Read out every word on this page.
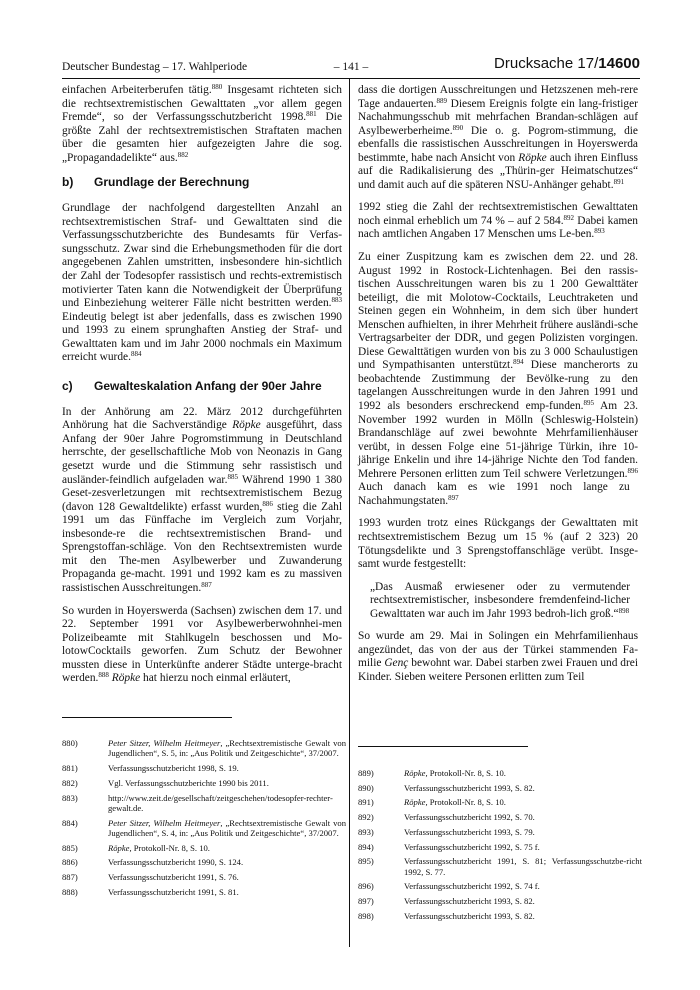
Deutscher Bundestag – 17. Wahlperiode	– 141 –	Drucksache 17/14600

einfachen Arbeiterberufen tätig.$^{880}$ Insgesamt richteten sich die rechtsextremistischen Gewalttaten „vor allem gegen Fremde“, so der Verfassungsschutzbericht 1998.$^{881}$ Die größte Zahl der rechtsextremistischen Straftaten machen über die gesamten hier aufgezeigten Jahre die sog. „Propagandadelikte“ aus.$^{882}$

b) Grundlage der Berechnung

Grundlage der nachfolgend dargestellten Anzahl an rechtsextremistischen Straf- und Gewalttaten sind die Verfassungsschutzberichte des Bundesamts für Verfas-sungsschutz. Zwar sind die Erhebungsmethoden für die dort angegebenen Zahlen umstritten, insbesondere hin-sichtlich der Zahl der Todesopfer rassistisch und rechts-extremistisch motivierter Taten kann die Notwendigkeit der Überprüfung und Einbeziehung weiterer Fälle nicht bestritten werden.$^{883}$ Eindeutig belegt ist aber jedenfalls, dass es zwischen 1990 und 1993 zu einem sprunghaften Anstieg der Straf- und Gewalttaten kam und im Jahr 2000 nochmals ein Maximum erreicht wurde.$^{884}$

c) Gewalteskalation Anfang der 90er Jahre

In der Anhörung am 22. März 2012 durchgeführten Anhörung hat die Sachverständige Röpke ausgeführt, dass Anfang der 90er Jahre Pogromstimmung in Deutschland herrschte, der gesellschaftliche Mob von Neonazis in Gang gesetzt wurde und die Stimmung sehr rassistisch und ausländer-feindlich aufgeladen war.$^{885}$ Während 1990 1 380 Geset-zesverletzungen mit rechtsextremistischem Bezug (davon 128 Gewaltdelikte) erfasst wurden,$^{886}$ stieg die Zahl 1991 um das Fünffache im Vergleich zum Vorjahr, insbesonde-re die rechtsextremistischen Brand- und Sprengstoffan-schläge. Von den Rechtsextremisten wurde mit den The-men Asylbewerber und Zuwanderung Propaganda ge-macht. 1991 und 1992 kam es zu massiven rassistischen Ausschreitungen.$^{887}$

So wurden in Hoyerswerda (Sachsen) zwischen dem 17. und 22. September 1991 vor Asylbewerberwohnhei-men Polizeibeamte mit Stahlkugeln beschossen und Mo-lotowCocktails geworfen. Zum Schutz der Bewohner mussten diese in Unterkünfte anderer Städte unterge-bracht werden.$^{888}$ Röpke hat hierzu noch einmal erläutert,

dass die dortigen Ausschreitungen und Hetzszenen meh-rere Tage andauerten.$^{889}$ Diesem Ereignis folgte ein lang-fristiger Nachahmungsschub mit mehrfachen Brandan-schlägen auf Asylbewerberheime.$^{890}$ Die o. g. Pogrom-stimmung, die ebenfalls die rassistischen Ausschreitungen in Hoyerswerda bestimmte, habe nach Ansicht von Röpke auch ihren Einfluss auf die Radikalisierung des „Thürin-ger Heimatschutzes“ und damit auch auf die späteren NSU-Anhänger gehabt.$^{891}$

1992 stieg die Zahl der rechtsextremistischen Gewalttaten noch einmal erheblich um 74 % – auf 2 584.$^{892}$ Dabei kamen nach amtlichen Angaben 17 Menschen ums Le-ben.$^{893}$

Zu einer Zuspitzung kam es zwischen dem 22. und 28. August 1992 in Rostock-Lichtenhagen. Bei den rassis-tischen Ausschreitungen waren bis zu 1 200 Gewalttäter beteiligt, die mit Molotow-Cocktails, Leuchtraketen und Steinen gegen ein Wohnheim, in dem sich über hundert Menschen aufhielten, in ihrer Mehrheit frühere ausländi-sche Vertragsarbeiter der DDR, und gegen Polizisten vorgingen. Diese Gewalttätigen wurden von bis zu 3 000 Schaulustigen und Sympathisanten unterstützt.$^{894}$ Diese mancherorts zu beobachtende Zustimmung der Bevölke-rung zu den tagelangen Ausschreitungen wurde in den Jahren 1991 und 1992 als besonders erschreckend emp-funden.$^{895}$ Am 23. November 1992 wurden in Mölln (Schleswig-Holstein) Brandanschläge auf zwei bewohnte Mehrfamilienhäuser verübt, in dessen Folge eine 51-jährige Türkin, ihre 10-jährige Enkelin und ihre 14-jährige Nichte den Tod fanden. Mehrere Personen erlitten zum Teil schwere Verletzungen.$^{896}$ Auch danach kam es wie 1991 noch lange zu Nachahmungstaten.$^{897}$

1993 wurden trotz eines Rückgangs der Gewalttaten mit rechtsextremistischem Bezug um 15 % (auf 2 323) 20 Tötungsdelikte und 3 Sprengstoffanschläge verübt. Insge-samt wurde festgestellt:

„Das Ausmaß erwiesener oder zu vermutender rechtsextremistischer, insbesondere fremdenfeind-licher Gewalttaten war auch im Jahr 1993 bedroh-lich groß.“$^{898}$

So wurde am 29. Mai in Solingen ein Mehrfamilienhaus angezündet, das von der aus der Türkei stammenden Fa-milie Genç bewohnt war. Dabei starben zwei Frauen und drei Kinder. Sieben weitere Personen erlitten zum Teil

880)	Peter Sitzer, Wilhelm Heitmeyer, „Rechtsextremistische Gewalt von Jugendlichen“, S. 5, in: „Aus Politik und Zeitgeschichte“, 37/2007.
881)	Verfassungsschutzbericht 1998, S. 19.
882)	Vgl. Verfassungsschutzberichte 1990 bis 2011.
883)	http://www.zeit.de/gesellschaft/zeitgeschehen/todesopfer-rechter-gewalt.de.
884)	Peter Sitzer, Wilhelm Heitmeyer, „Rechtsextremistische Gewalt von Jugendlichen“, S. 4, in: „Aus Politik und Zeitgeschichte“, 37/2007.
885)	Röpke, Protokoll-Nr. 8, S. 10.
886)	Verfassungsschutzbericht 1990, S. 124.
887)	Verfassungsschutzbericht 1991, S. 76.
888)	Verfassungsschutzbericht 1991, S. 81.
889)	Röpke, Protokoll-Nr. 8, S. 10.
890)	Verfassungsschutzbericht 1993, S. 82.
891)	Röpke, Protokoll-Nr. 8, S. 10.
892)	Verfassungsschutzbericht 1992, S. 70.
893)	Verfassungsschutzbericht 1993, S. 79.
894)	Verfassungsschutzbericht 1992, S. 75 f.
895)	Verfassungsschutzbericht 1991, S. 81; Verfassungsschutzbe-richt 1992, S. 77.
896)	Verfassungsschutzbericht 1992, S. 74 f.
897)	Verfassungsschutzbericht 1993, S. 82.
898)	Verfassungsschutzbericht 1993, S. 82.
